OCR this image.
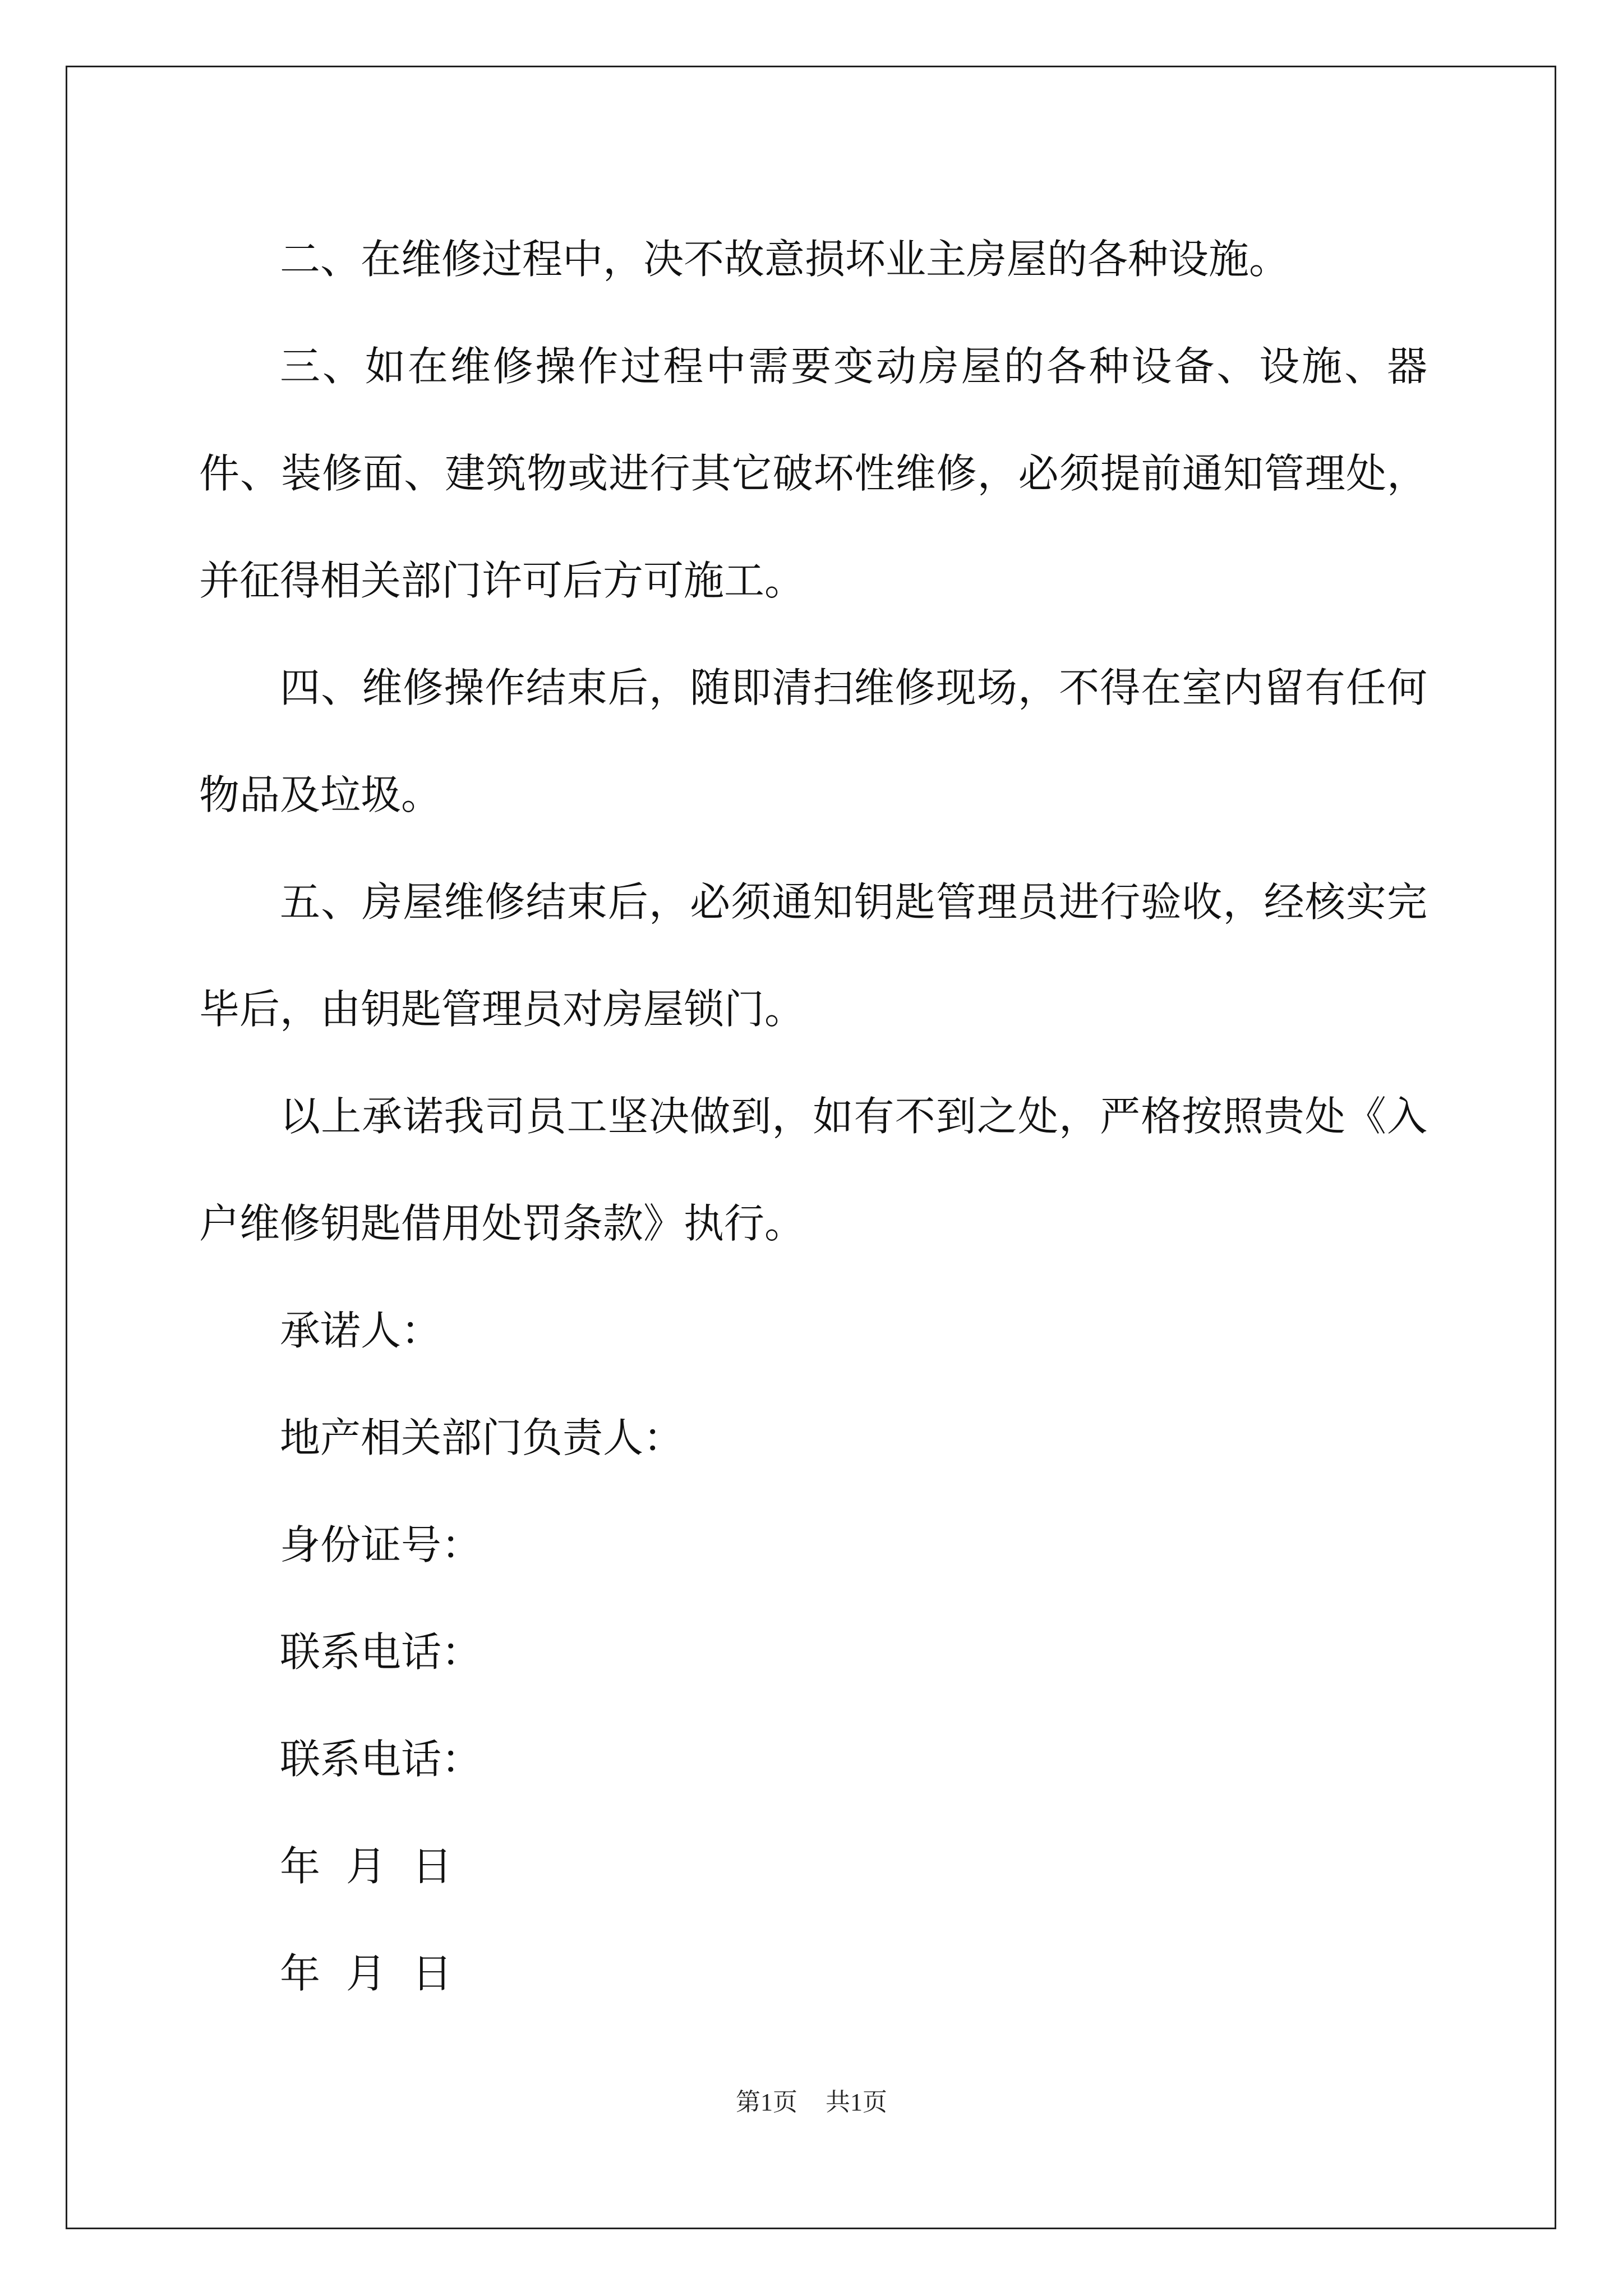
二、在维修过程中，决不故意损坏业主房屋的各种设施。

三、如在维修操作过程中需要变动房屋的各种设备、设施、器件、装修面、建筑物或进行其它破坏性维修，必须提前通知管理处，并征得相关部门许可后方可施工。

四、维修操作结束后，随即清扫维修现场，不得在室内留有任何物品及垃圾。

五、房屋维修结束后，必须通知钥匙管理员进行验收，经核实完毕后，由钥匙管理员对房屋锁门。

以上承诺我司员工坚决做到，如有不到之处，严格按照贵处《入户维修钥匙借用处罚条款》执行。

承诺人：

地产相关部门负责人：

身份证号：

联系电话：

联系电话：

年  月  日

年  月  日

第1页 共1页
